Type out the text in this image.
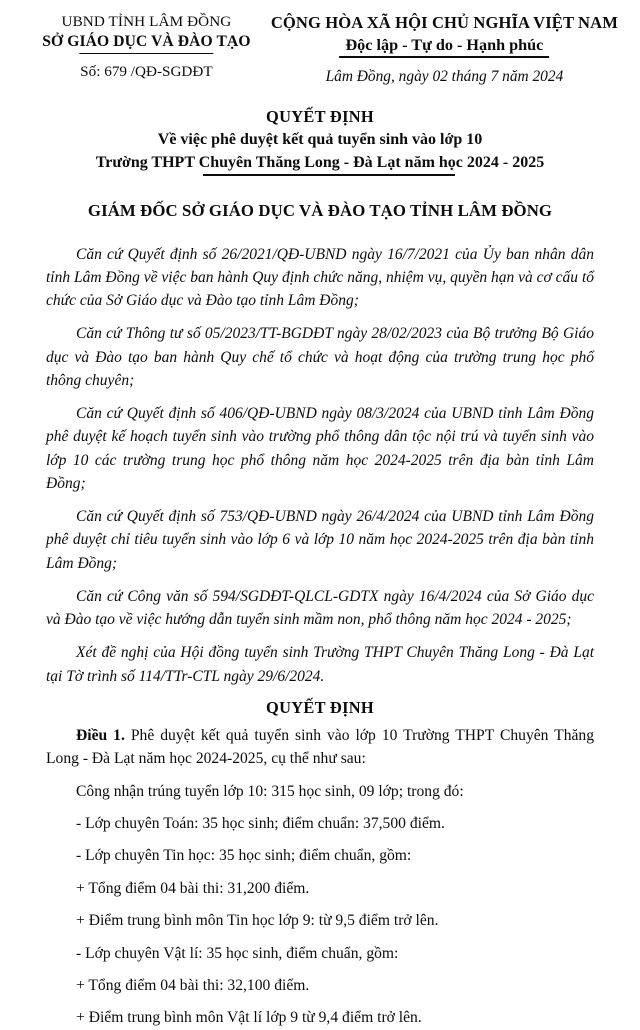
UBND TỈNH LÂM ĐỒNG
SỞ GIÁO DỤC VÀ ĐÀO TẠO
Số: 679 /QĐ-SGDĐT
CỘNG HÒA XÃ HỘI CHỦ NGHĨA VIỆT NAM
Độc lập - Tự do - Hạnh phúc
Lâm Đồng, ngày 02 tháng 7 năm 2024
QUYẾT ĐỊNH
Về việc phê duyệt kết quả tuyển sinh vào lớp 10
Trường THPT Chuyên Thăng Long - Đà Lạt năm học 2024 - 2025
GIÁM ĐỐC SỞ GIÁO DỤC VÀ ĐÀO TẠO TỈNH LÂM ĐỒNG

Căn cứ Quyết định số 26/2021/QĐ-UBND ngày 16/7/2021 của Ủy ban nhân dân tỉnh Lâm Đồng về việc ban hành Quy định chức năng, nhiệm vụ, quyền hạn và cơ cấu tổ chức của Sở Giáo dục và Đào tạo tỉnh Lâm Đồng;

Căn cứ Thông tư số 05/2023/TT-BGDĐT ngày 28/02/2023 của Bộ trưởng Bộ Giáo dục và Đào tạo ban hành Quy chế tổ chức và hoạt động của trường trung học phổ thông chuyên;

Căn cứ Quyết định số 406/QĐ-UBND ngày 08/3/2024 của UBND tỉnh Lâm Đồng phê duyệt kế hoạch tuyển sinh vào trường phổ thông dân tộc nội trú và tuyển sinh vào lớp 10 các trường trung học phổ thông năm học 2024-2025 trên địa bàn tỉnh Lâm Đồng;

Căn cứ Quyết định số 753/QĐ-UBND ngày 26/4/2024 của UBND tỉnh Lâm Đồng phê duyệt chỉ tiêu tuyển sinh vào lớp 6 và lớp 10 năm học 2024-2025 trên địa bàn tỉnh Lâm Đồng;

Căn cứ Công văn số 594/SGDĐT-QLCL-GDTX ngày 16/4/2024 của Sở Giáo dục và Đào tạo về việc hướng dẫn tuyển sinh mầm non, phổ thông năm học 2024 - 2025;

Xét đề nghị của Hội đồng tuyển sinh Trường THPT Chuyên Thăng Long - Đà Lạt tại Tờ trình số 114/TTr-CTL ngày 29/6/2024.

QUYẾT ĐỊNH

Điều 1. Phê duyệt kết quả tuyển sinh vào lớp 10 Trường THPT Chuyên Thăng Long - Đà Lạt năm học 2024-2025, cụ thể như sau:

Công nhận trúng tuyển lớp 10: 315 học sinh, 09 lớp; trong đó:

- Lớp chuyên Toán: 35 học sinh; điểm chuẩn: 37,500 điểm.

- Lớp chuyên Tin học: 35 học sinh; điểm chuẩn, gồm:

+ Tổng điểm 04 bài thi: 31,200 điểm.

+ Điểm trung bình môn Tin học lớp 9: từ 9,5 điểm trở lên.

- Lớp chuyên Vật lí: 35 học sinh, điểm chuẩn, gồm:

+ Tổng điểm 04 bài thi: 32,100 điểm.

+ Điểm trung bình môn Vật lí lớp 9 từ 9,4 điểm trở lên.
